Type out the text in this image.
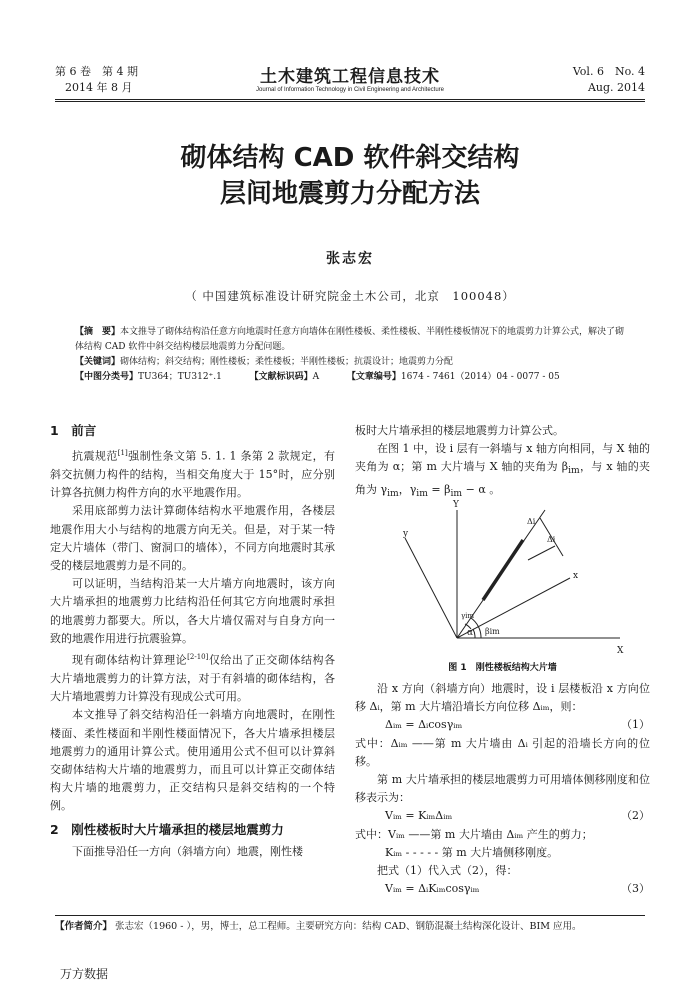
第 6 卷　第 4 期
2014 年 8 月
土木建筑工程信息技术
Journal of Information Technology in Civil Engineering and Architecture
Vol. 6　No. 4
Aug. 2014
砌体结构 CAD 软件斜交结构
层间地震剪力分配方法
张志宏
（ 中国建筑标准设计研究院金土木公司，北京　100048）
【摘　要】本文推导了砌体结构沿任意方向地震时任意方向墙体在刚性楼板、柔性楼板、半刚性楼板情况下的地震剪力计算公式，解决了砌体结构 CAD 软件中斜交结构楼层地震剪力分配问题。
【关键词】砌体结构；斜交结构；刚性楼板；柔性楼板；半刚性楼板；抗震设计；地震剪力分配
【中图分类号】TU364；TU312⁺.1	【文献标识码】A	【文章编号】1674 - 7461（2014）04 - 0077 - 05
1　前言

抗震规范[1]强制性条文第 5. 1. 1 条第 2 款规定，有斜交抗侧力构件的结构，当相交角度大于 15°时，应分别计算各抗侧力构件方向的水平地震作用。

采用底部剪力法计算砌体结构水平地震作用，各楼层地震作用大小与结构的地震方向无关。但是，对于某一特定大片墙体（带门、窗洞口的墙体），不同方向地震时其承受的楼层地震剪力是不同的。

可以证明，当结构沿某一大片墙方向地震时，该方向大片墙承担的地震剪力比结构沿任何其它方向地震时承担的地震剪力都要大。所以，各大片墙仅需对与自身方向一致的地震作用进行抗震验算。

现有砌体结构计算理论[2-10]仅给出了正交砌体结构各大片墙地震剪力的计算方法，对于有斜墙的砌体结构，各大片墙地震剪力计算没有现成公式可用。

本文推导了斜交结构沿任一斜墙方向地震时，在刚性楼面、柔性楼面和半刚性楼面情况下，各大片墙承担楼层地震剪力的通用计算公式。使用通用公式不但可以计算斜交砌体结构大片墙的地震剪力，而且可以计算正交砌体结构大片墙的地震剪力，正交结构只是斜交结构的一个特例。

2　刚性楼板时大片墙承担的楼层地震剪力

下面推导沿任一方向（斜墙方向）地震，刚性楼

板时大片墙承担的楼层地震剪力计算公式。

在图 1 中，设 i 层有一斜墙与 x 轴方向相同，与 X 轴的夹角为 α；第 m 大片墙与 X 轴的夹角为 $\beta_{im}$，与 x 轴的夹角为 $\gamma_{im}$，$\gamma_{im} = \beta_{im} - \alpha$ 。

Y
y
x
X
α βim
γim
Δi
Δi
图 1　刚性楼板结构大片墙

沿 x 方向（斜墙方向）地震时，设 i 层楼板沿 x 方向位移 Δᵢ，第 m 大片墙沿墙长方向位移 Δᵢₘ，则：

Δᵢₘ = Δᵢcosγᵢₘ	（1）

式中：Δᵢₘ ——第 m 大片墙由 Δᵢ 引起的沿墙长方向的位移。

第 m 大片墙承担的楼层地震剪力可用墙体侧移刚度和位移表示为：

Vᵢₘ = KᵢₘΔᵢₘ	（2）

式中：Vᵢₘ ——第 m 大片墙由 Δᵢₘ 产生的剪力；

Kᵢₘ - - - - - 第 m 大片墙侧移刚度。

把式（1）代入式（2），得：

Vᵢₘ = ΔᵢKᵢₘcosγᵢₘ	（3）
【作者简介】 张志宏（1960 - ），男，博士，总工程师。主要研究方向：结构 CAD、钢筋混凝土结构深化设计、BIM 应用。
万方数据
